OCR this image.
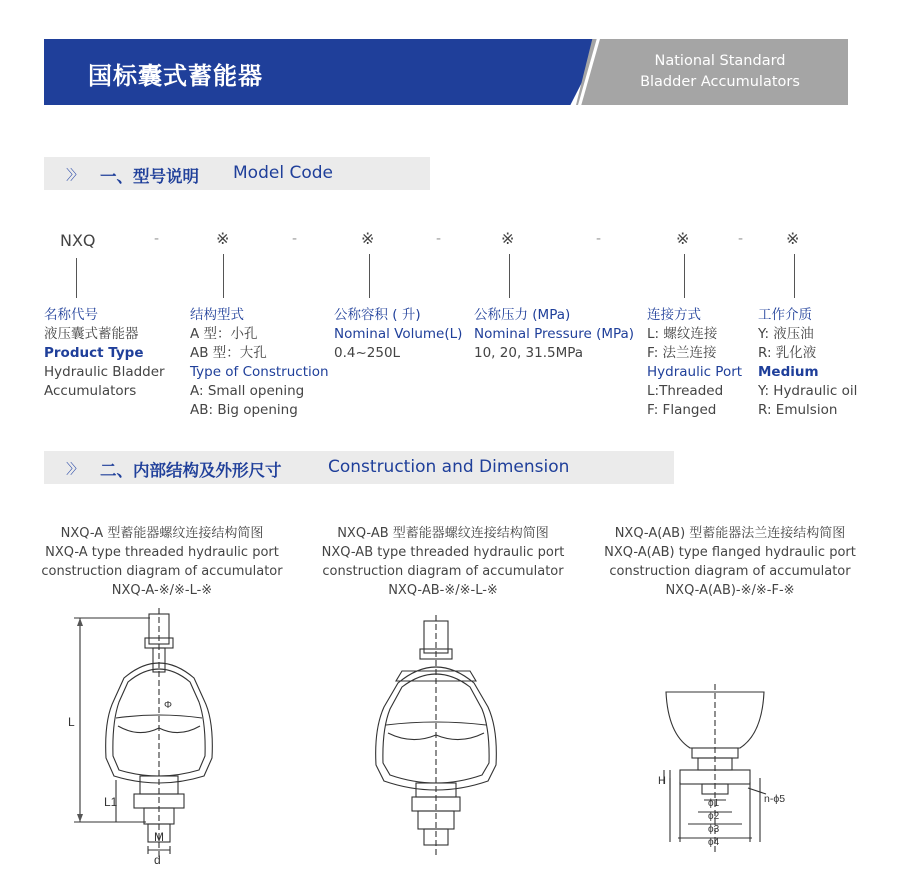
国标囊式蓄能器
National Standard
Bladder Accumulators
〉〉 一、型号说明 Model Code
NXQ	-	※	-	※	-	※	-	※	-	※
名称代号
液压囊式蓄能器
Product Type
Hydraulic Bladder
Accumulators
结构型式
A 型：小孔
AB 型：大孔
Type of Construction
A: Small opening
AB: Big opening
公称容积 ( 升)
Nominal Volume(L)
0.4~250L
公称压力 (MPa)
Nominal Pressure (MPa)
10, 20, 31.5MPa
连接方式
L: 螺纹连接
F: 法兰连接
Hydraulic Port
L:Threaded
F: Flanged
工作介质
Y: 液压油
R: 乳化液
Medium
Y: Hydraulic oil
R: Emulsion
〉〉 二、内部结构及外形尺寸	Construction and Dimension
NXQ-A 型蓄能器螺纹连接结构简图
NXQ-A type threaded hydraulic port
construction diagram of accumulator
NXQ-A-※/※-L-※
NXQ-AB 型蓄能器螺纹连接结构简图
NXQ-AB type threaded hydraulic port
construction diagram of accumulator
NXQ-AB-※/※-L-※
NXQ-A(AB) 型蓄能器法兰连接结构简图
NXQ-A(AB) type flanged hydraulic port
construction diagram of accumulator
NXQ-A(AB)-※/※-F-※
L
L1
M
d
Φ
H
n-ϕ5
ϕ1
ϕ2
ϕ3
ϕ4
